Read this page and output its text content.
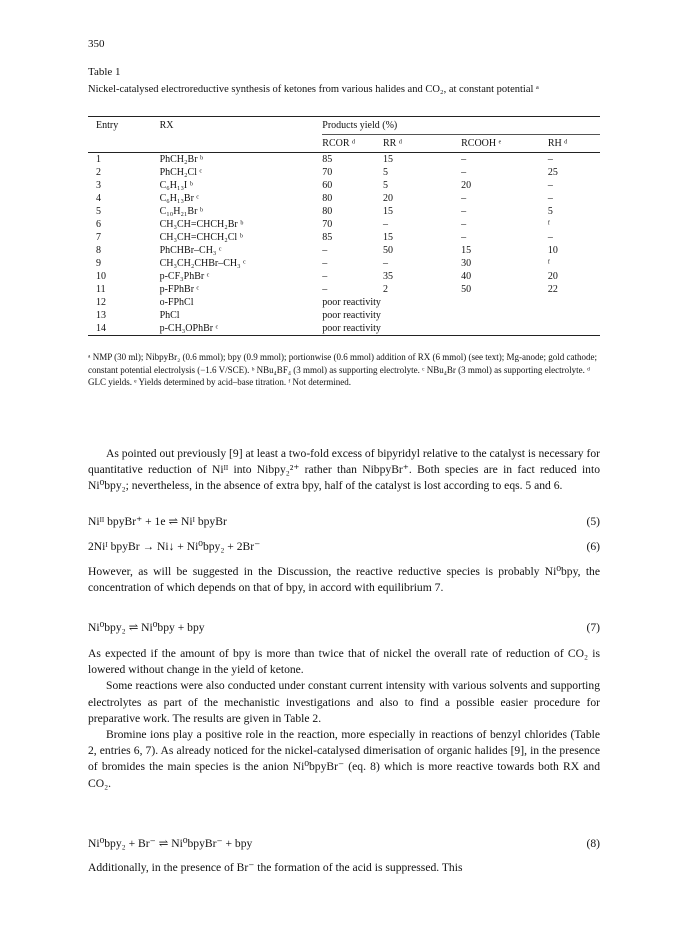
350
Table 1
Nickel-catalysed electroreductive synthesis of ketones from various halides and CO₂, at constant potential ᵃ
Entry	RX	Products yield (%)			
		RCOR ᵈ	RR ᵈ	RCOOH ᵉ	RH ᵈ
1	PhCH₂Br ᵇ	85	15	–	–
2	PhCH₂Cl ᶜ	70	5	–	25
3	C₆H₁₃I ᵇ	60	5	20	–
4	C₆H₁₃Br ᶜ	80	20	–	–
5	C₁₀H₂₁Br ᵇ	80	15	–	5
6	CH₃CH=CHCH₂Br ᵇ	70	–	–	ᶠ
7	CH₃CH=CHCH₂Cl ᵇ	85	15	–	–
8	PhCHBr–CH₃ ᶜ	–	50	15	10
9	CH₃CH₂CHBr–CH₃ ᶜ	–	–	30	ᶠ
10	p-CF₃PhBr ᶜ	–	35	40	20
11	p-FPhBr ᶜ	–	2	50	22
12	o-FPhCl	poor reactivity			
13	PhCl	poor reactivity			
14	p-CH₃OPhBr ᶜ	poor reactivity			
ᵃ NMP (30 ml); NibpyBr₂ (0.6 mmol); bpy (0.9 mmol); portionwise (0.6 mmol) addition of RX (6 mmol) (see text); Mg-anode; gold cathode; constant potential electrolysis (−1.6 V/SCE). ᵇ NBu₄BF₄ (3 mmol) as supporting electrolyte. ᶜ NBu₄Br (3 mmol) as supporting electrolyte. ᵈ GLC yields. ᵉ Yields determined by acid–base titration. ᶠ Not determined.
As pointed out previously [9] at least a two-fold excess of bipyridyl relative to the catalyst is necessary for quantitative reduction of Niᴵᴵ into Nibpy₂²⁺ rather than NibpyBr⁺. Both species are in fact reduced into Ni⁰bpy₂; nevertheless, in the absence of extra bpy, half of the catalyst is lost according to eqs. 5 and 6.
Niᴵᴵ bpyBr⁺ + 1e ⇌ Niᴵ bpyBr	(5)
2Niᴵ bpyBr → Ni↓ + Ni⁰bpy₂ + 2Br⁻	(6)
However, as will be suggested in the Discussion, the reactive reductive species is probably Ni⁰bpy, the concentration of which depends on that of bpy, in accord with equilibrium 7.
Ni⁰bpy₂ ⇌ Ni⁰bpy + bpy	(7)
As expected if the amount of bpy is more than twice that of nickel the overall rate of reduction of CO₂ is lowered without change in the yield of ketone.
Some reactions were also conducted under constant current intensity with various solvents and supporting electrolytes as part of the mechanistic investigations and also to find a possible easier procedure for preparative work. The results are given in Table 2.
Bromine ions play a positive role in the reaction, more especially in reactions of benzyl chlorides (Table 2, entries 6, 7). As already noticed for the nickel-catalysed dimerisation of organic halides [9], in the presence of bromides the main species is the anion Ni⁰bpyBr⁻ (eq. 8) which is more reactive towards both RX and CO₂.
Ni⁰bpy₂ + Br⁻ ⇌ Ni⁰bpyBr⁻ + bpy	(8)
Additionally, in the presence of Br⁻ the formation of the acid is suppressed. This
